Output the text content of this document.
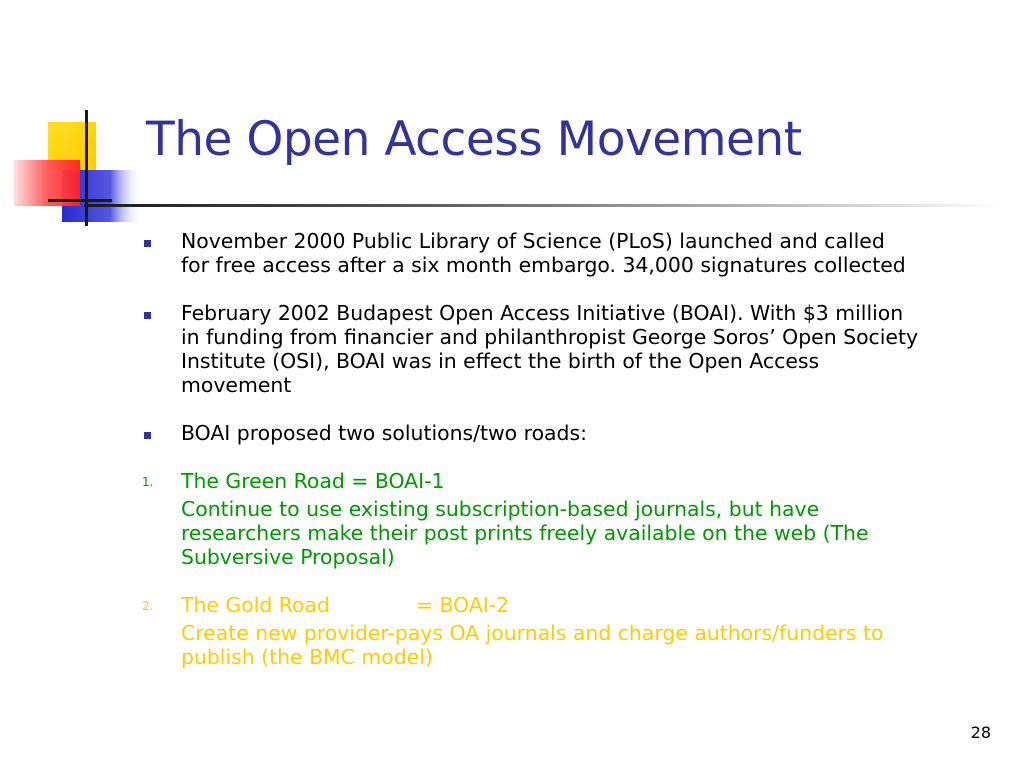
The Open Access Movement
November 2000 Public Library of Science (PLoS) launched and called
for free access after a six month embargo. 34,000 signatures collected
February 2002 Budapest Open Access Initiative (BOAI). With $3 million
in funding from financier and philanthropist George Soros’ Open Society
Institute (OSI), BOAI was in effect the birth of the Open Access
movement
BOAI proposed two solutions/two roads:
1. The Green Road = BOAI-1
Continue to use existing subscription-based journals, but have
researchers make their post prints freely available on the web (The
Subversive Proposal)
2. The Gold Road	= BOAI-2
Create new provider-pays OA journals and charge authors/funders to
publish (the BMC model)
28
